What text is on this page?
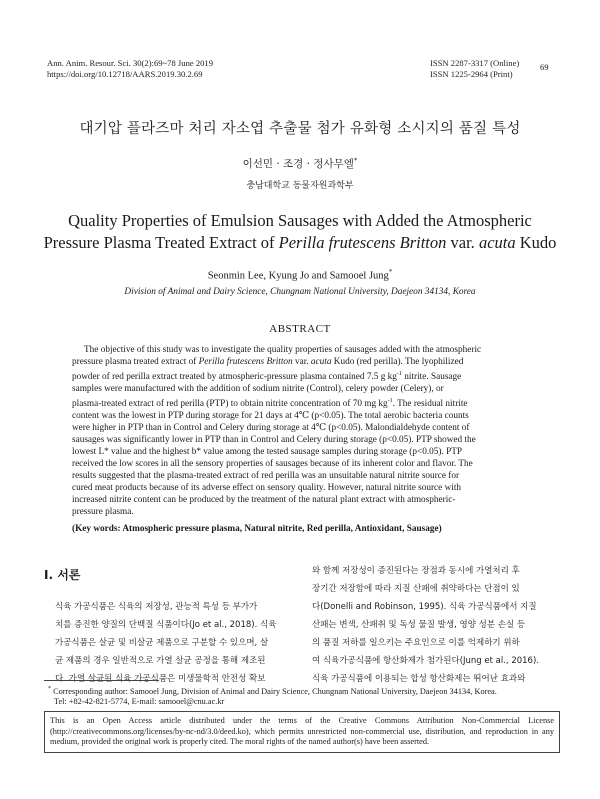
Ann. Anim. Resour. Sci. 30(2):69~78 June 2019
https://doi.org/10.12718/AARS.2019.30.2.69
ISSN 2287-3317 (Online)
ISSN 1225-2964 (Print)
69
대기압 플라즈마 처리 자소엽 추출물 첨가 유화형 소시지의 품질 특성
이선민 · 조경 · 정사무엘*
충남대학교 동물자원과학부
Quality Properties of Emulsion Sausages with Added the Atmospheric
Pressure Plasma Treated Extract of Perilla frutescens Britton var. acuta Kudo
Seonmin Lee, Kyung Jo and Samooel Jung*
Division of Animal and Dairy Science, Chungnam National University, Daejeon 34134, Korea
ABSTRACT
The objective of this study was to investigate the quality properties of sausages added with the atmospheric
pressure plasma treated extract of Perilla frutescens Britton var. acuta Kudo (red perilla). The lyophilized
powder of red perilla extract treated by atmospheric-pressure plasma contained 7.5 g $kg^{-1}$ nitrite. Sausage
samples were manufactured with the addition of sodium nitrite (Control), celery powder (Celery), or
plasma-treated extract of red perilla (PTP) to obtain nitrite concentration of 70 mg $kg^{-1}$. The residual nitrite
content was the lowest in PTP during storage for 21 days at 4℃ (p<0.05). The total aerobic bacteria counts
were higher in PTP than in Control and Celery during storage at 4℃ (p<0.05). Malondialdehyde content of
sausages was significantly lower in PTP than in Control and Celery during storage (p<0.05). PTP showed the
lowest L* value and the highest b* value among the tested sausage samples during storage (p<0.05). PTP
received the low scores in all the sensory properties of sausages because of its inherent color and flavor. The
results suggested that the plasma-treated extract of red perilla was an unsuitable natural nitrite source for
cured meat products because of its adverse effect on sensory quality. However, natural nitrite source with
increased nitrite content can be produced by the treatment of the natural plant extract with atmospheric-
pressure plasma.
(Key words: Atmospheric pressure plasma, Natural nitrite, Red perilla, Antioxidant, Sausage)
I. 서론
식육 가공식품은 식육의 저장성, 관능적 특성 등 부가가
치를 증진한 양질의 단백질 식품이다(Jo et al., 2018). 식육
가공식품은 살균 및 비살균 제품으로 구분할 수 있으며, 살
균 제품의 경우 일반적으로 가열 살균 공정을 통해 제조된
다. 가열 살균된 식육 가공식품은 미생물학적 안전성 확보
와 함께 저장성이 증진된다는 장점과 동시에 가열처리 후
장기간 저장함에 따라 지질 산패에 취약하다는 단점이 있
다(Donelli and Robinson, 1995). 식육 가공식품에서 지질
산패는 변색, 산패취 및 독성 물질 발생, 영양 성분 손실 등
의 품질 저하를 일으키는 주요인으로 이를 억제하기 위하
여 식육가공식품에 항산화제가 첨가된다(Jung et al., 2016).
식육 가공식품에 이용되는 합성 항산화제는 뛰어난 효과와
* Corresponding author: Samooel Jung, Division of Animal and Dairy Science, Chungnam National University, Daejeon 34134, Korea.
Tel: +82-42-821-5774, E-mail: samooel@cnu.ac.kr
This is an Open Access article distributed under the terms of the Creative Commons Attribution Non-Commercial License (http://creativecommons.org/licenses/by-nc-nd/3.0/deed.ko), which permits unrestricted non-commercial use, distribution, and reproduction in any medium, provided the original work is properly cited. The moral rights of the named author(s) have been asserted.
